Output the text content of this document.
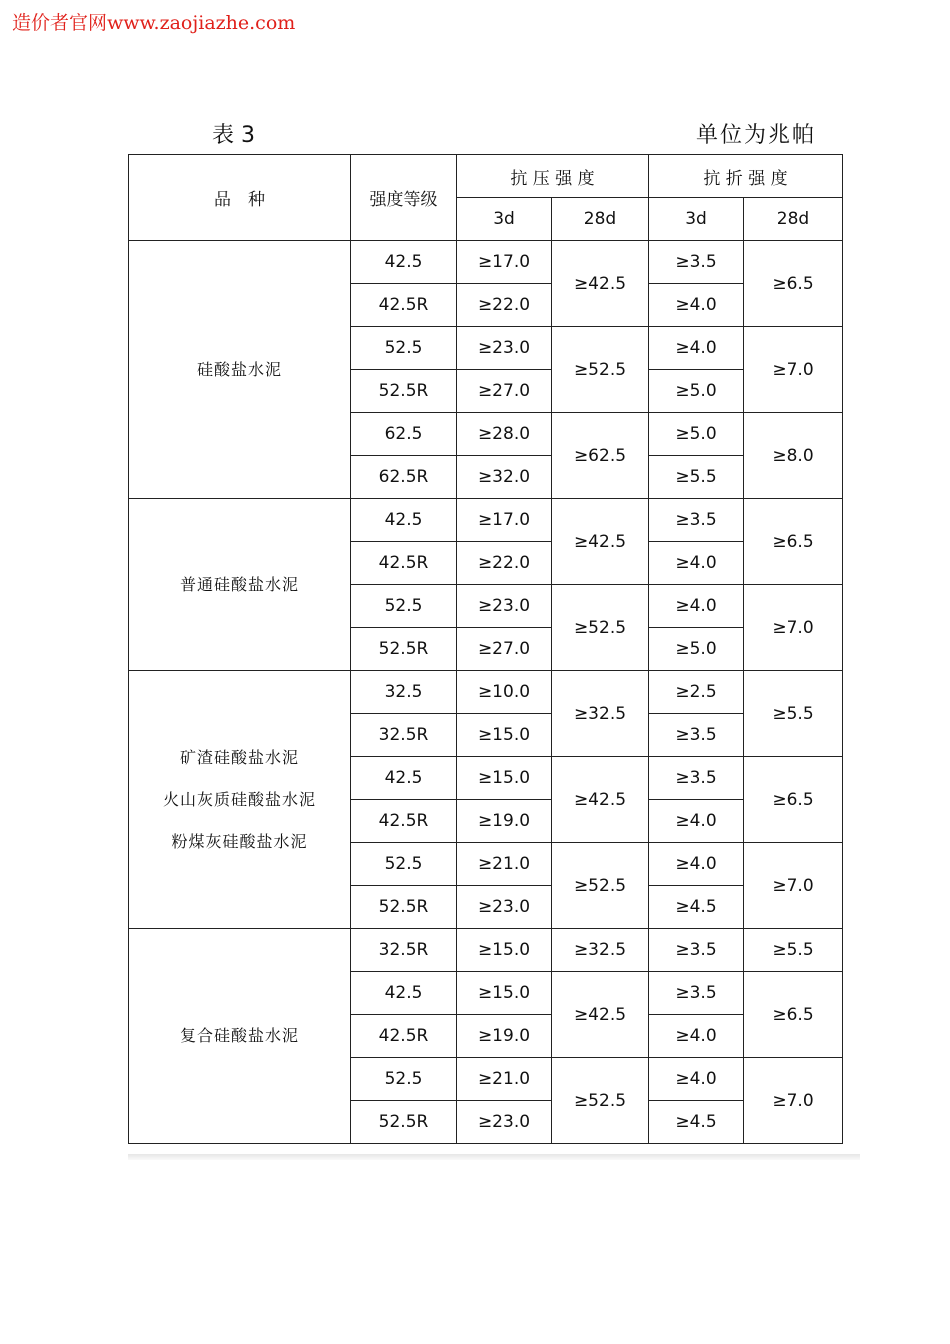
造价者官网www.zaojiazhe.com
表 3	单位为兆帕
品　种	强度等级	抗 压 强 度		抗 折 强 度	
		3d	28d	3d	28d

硅酸盐水泥	42.5	≥17.0	≥42.5	≥3.5	≥6.5
	42.5R	≥22.0		≥4.0	
	52.5	≥23.0	≥52.5	≥4.0	≥7.0
	52.5R	≥27.0		≥5.0	
	62.5	≥28.0	≥62.5	≥5.0	≥8.0
	62.5R	≥32.0		≥5.5	

普通硅酸盐水泥	42.5	≥17.0	≥42.5	≥3.5	≥6.5
	42.5R	≥22.0		≥4.0	
	52.5	≥23.0	≥52.5	≥4.0	≥7.0
	52.5R	≥27.0		≥5.0	

矿渣硅酸盐水泥
火山灰质硅酸盐水泥
粉煤灰硅酸盐水泥	32.5	≥10.0	≥32.5	≥2.5	≥5.5
	32.5R	≥15.0		≥3.5	
	42.5	≥15.0	≥42.5	≥3.5	≥6.5
	42.5R	≥19.0		≥4.0	
	52.5	≥21.0	≥52.5	≥4.0	≥7.0
	52.5R	≥23.0		≥4.5	

复合硅酸盐水泥	32.5R	≥15.0	≥32.5	≥3.5	≥5.5
	42.5	≥15.0	≥42.5	≥3.5	≥6.5
	42.5R	≥19.0		≥4.0	
	52.5	≥21.0	≥52.5	≥4.0	≥7.0
	52.5R	≥23.0		≥4.5	
